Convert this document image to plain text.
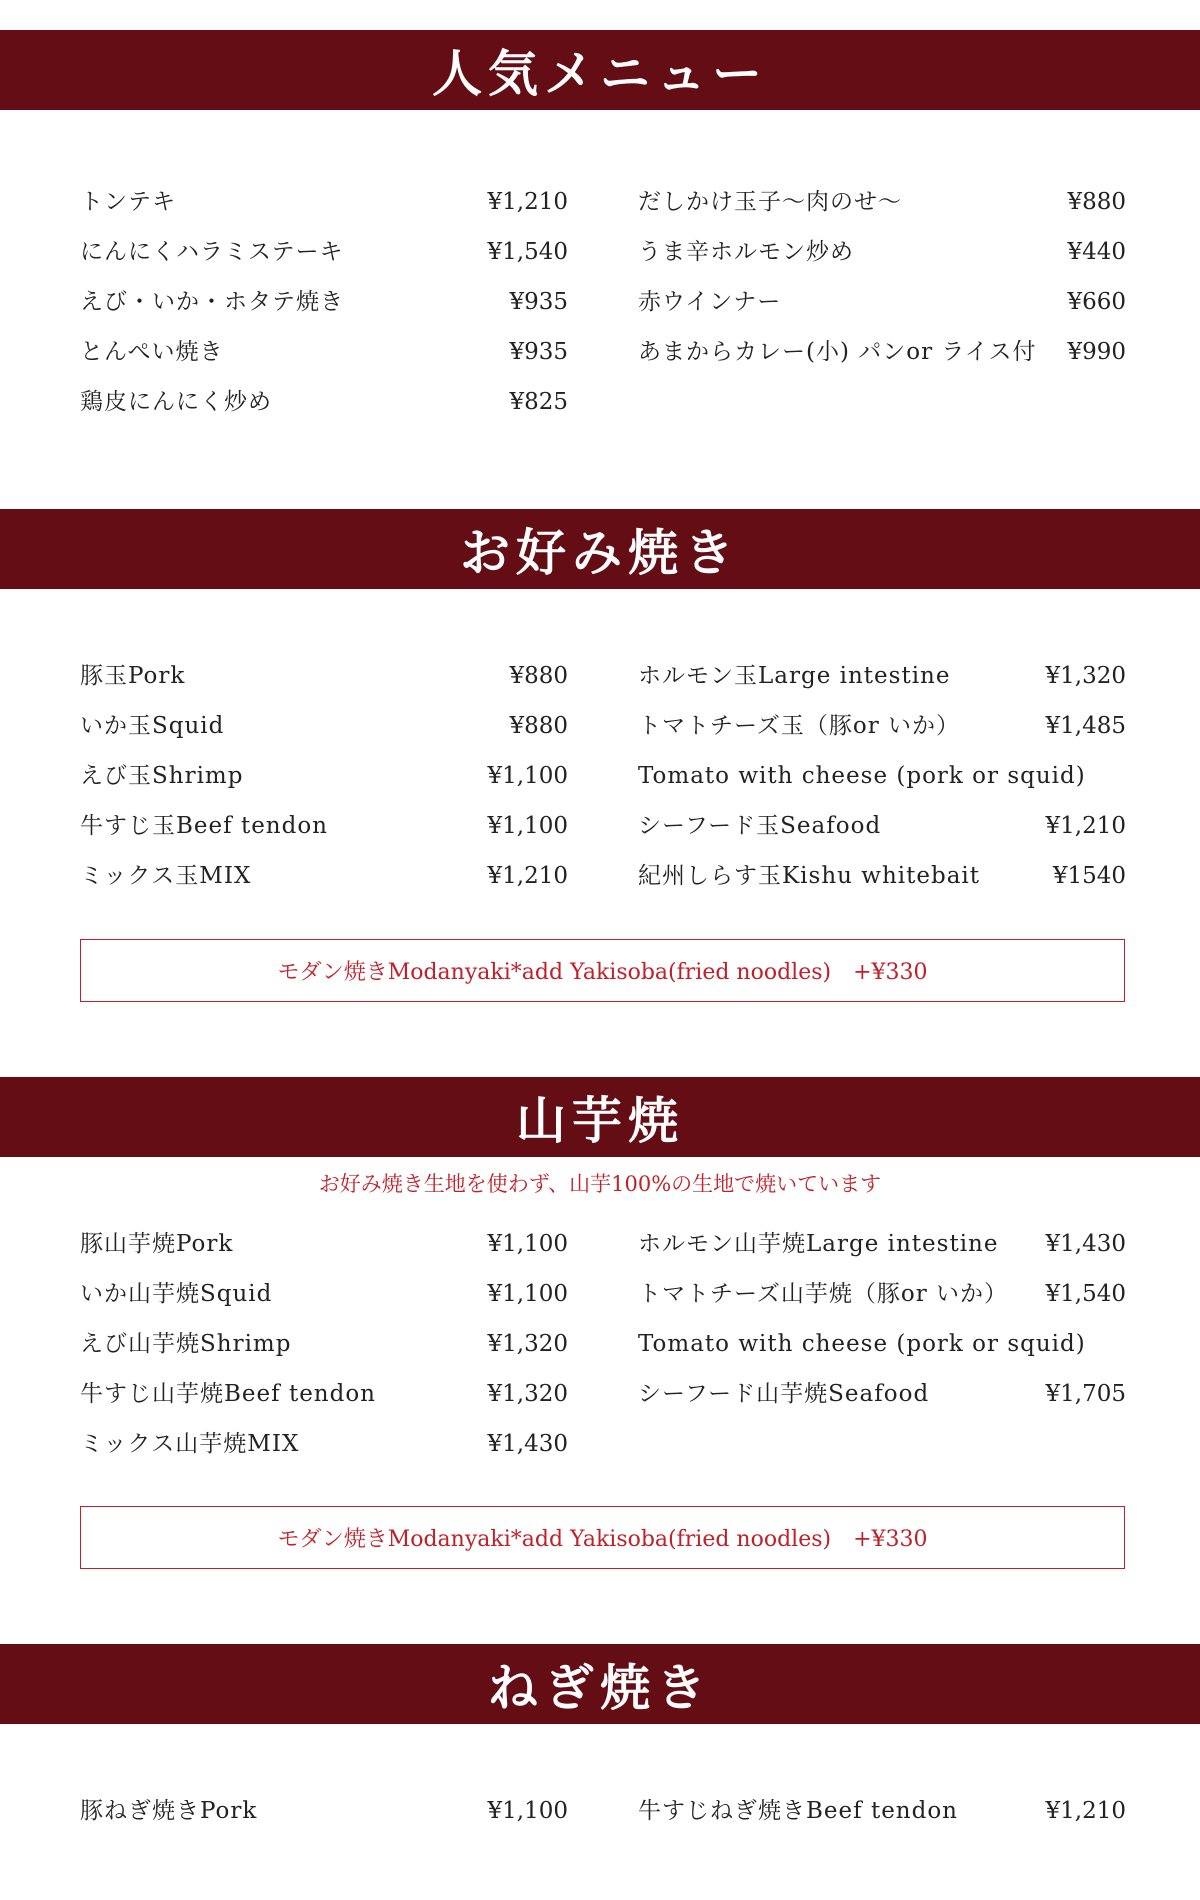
人気メニュー
トンテキ	¥1,210
にんにくハラミステーキ	¥1,540
えび・いか・ホタテ焼き	¥935
とんぺい焼き	¥935
鶏皮にんにく炒め	¥825
だしかけ玉子〜肉のせ〜	¥880
うま辛ホルモン炒め	¥440
赤ウインナー	¥660
あまからカレー(小) パンor ライス付 ¥990
お好み焼き
豚玉Pork	¥880
いか玉Squid	¥880
えび玉Shrimp	¥1,100
牛すじ玉Beef tendon	¥1,100
ミックス玉MIX	¥1,210
ホルモン玉Large intestine	¥1,320
トマトチーズ玉（豚or いか）	¥1,485
Tomato with cheese (pork or squid)
シーフード玉Seafood	¥1,210
紀州しらす玉Kishu whitebait	¥1540
モダン焼きModanyaki*add Yakisoba(fried noodles)　+¥330
山芋焼
お好み焼き生地を使わず、山芋100%の生地で焼いています
豚山芋焼Pork	¥1,100
いか山芋焼Squid	¥1,100
えび山芋焼Shrimp	¥1,320
牛すじ山芋焼Beef tendon	¥1,320
ミックス山芋焼MIX	¥1,430
ホルモン山芋焼Large intestine ¥1,430
トマトチーズ山芋焼（豚or いか） ¥1,540
Tomato with cheese (pork or squid)
シーフード山芋焼Seafood	¥1,705
モダン焼きModanyaki*add Yakisoba(fried noodles)　+¥330
ねぎ焼き
豚ねぎ焼きPork	¥1,100	牛すじねぎ焼きBeef tendon	¥1,210
